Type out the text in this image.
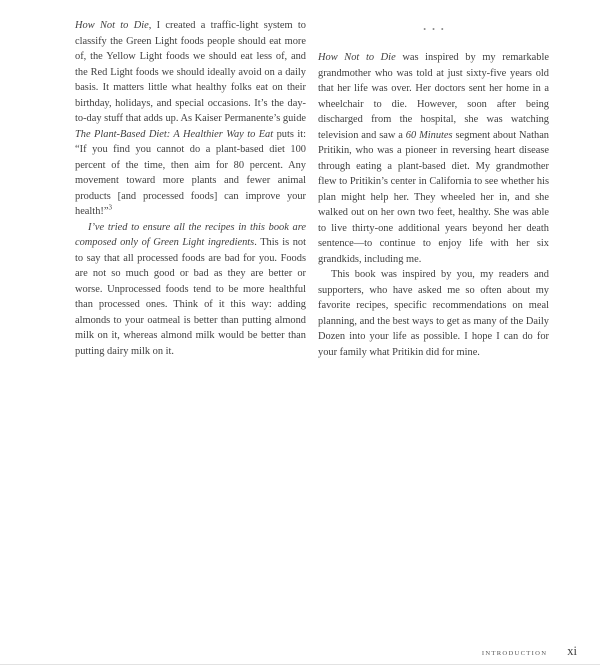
How Not to Die, I created a traffic-light system to classify the Green Light foods people should eat more of, the Yellow Light foods we should eat less of, and the Red Light foods we should ideally avoid on a daily basis. It matters little what healthy folks eat on their birthday, holidays, and special occasions. It’s the day-to-day stuff that adds up. As Kaiser Permanente’s guide The Plant-Based Diet: A Healthier Way to Eat puts it: “If you find you cannot do a plant-based diet 100 percent of the time, then aim for 80 percent. Any movement toward more plants and fewer animal products [and processed foods] can improve your health!”$^3$

I’ve tried to ensure all the recipes in this book are composed only of Green Light ingredients. This is not to say that all processed foods are bad for you. Foods are not so much good or bad as they are better or worse. Unprocessed foods tend to be more healthful than processed ones. Think of it this way: adding almonds to your oatmeal is better than putting almond milk on it, whereas almond milk would be better than putting dairy milk on it.

•••

How Not to Die was inspired by my remarkable grandmother who was told at just sixty-five years old that her life was over. Her doctors sent her home in a wheelchair to die. However, soon after being discharged from the hospital, she was watching television and saw a 60 Minutes segment about Nathan Pritikin, who was a pioneer in reversing heart disease through eating a plant-based diet. My grandmother flew to Pritikin’s center in California to see whether his plan might help her. They wheeled her in, and she walked out on her own two feet, healthy. She was able to live thirty-one additional years beyond her death sentence—to continue to enjoy life with her six grandkids, including me.

This book was inspired by you, my readers and supporters, who have asked me so often about my favorite recipes, specific recommendations on meal planning, and the best ways to get as many of the Daily Dozen into your life as possible. I hope I can do for your family what Pritikin did for mine.

INTRODUCTION xi
